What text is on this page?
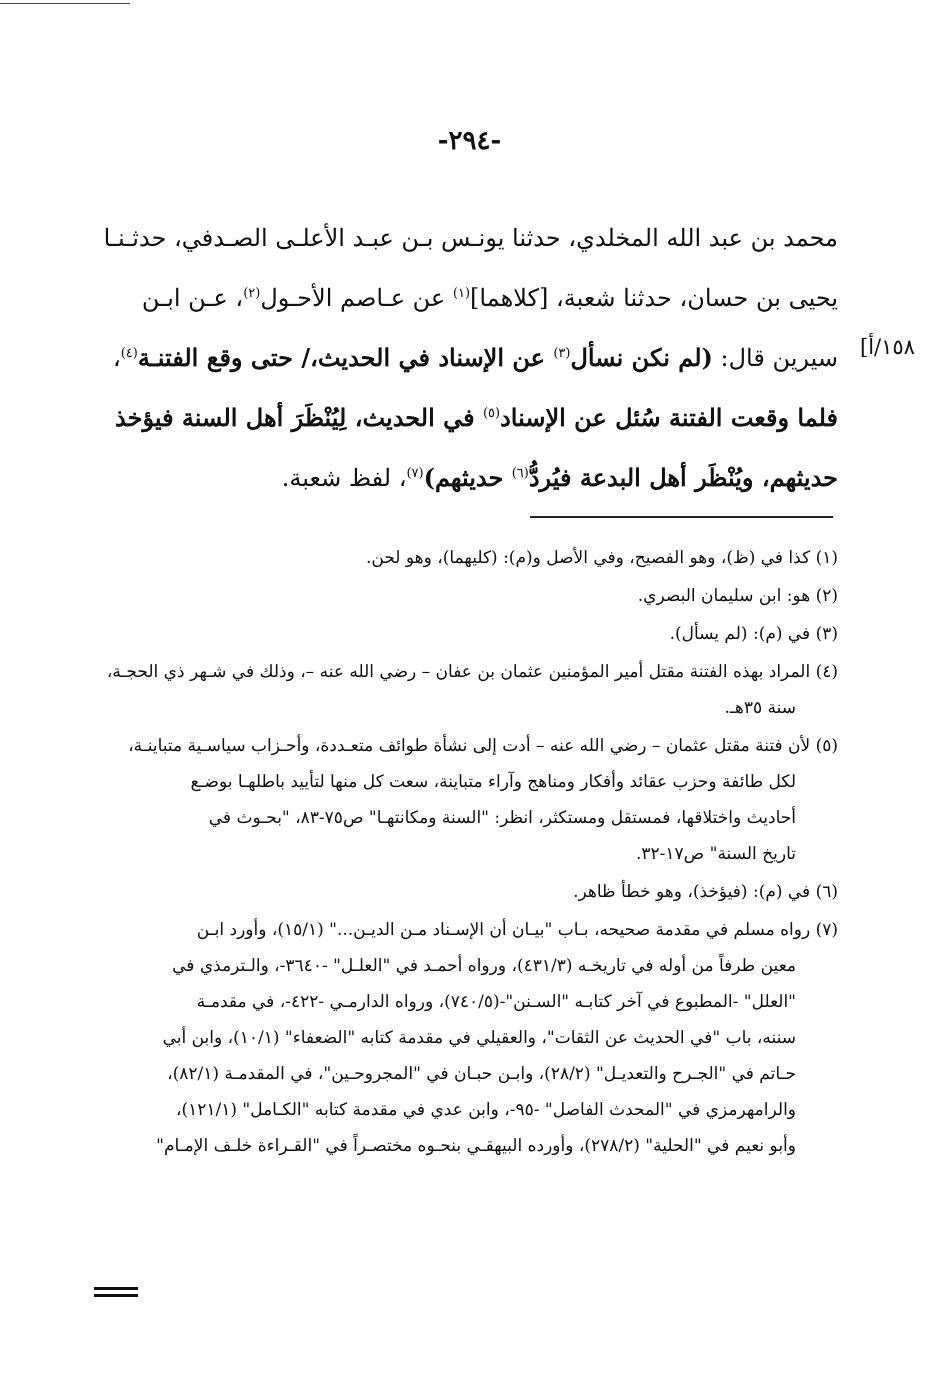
-٢٩٤-
١٥٨/أ]
محمد بن عبد الله المخلدي، حدثنا يونـس بـن عبـد الأعلـى الصـدفي، حدثـنـا
يحيى بن حسان، حدثنا شعبة، [كلاهما]$^{(١)}$ عن عـاصم الأحـول$^{(٢)}$، عـن ابـن
سيرين قال: (لم نكن نسأل$^{(٣)}$ عن الإسناد في الحديث،/ حتى وقع الفتنـة$^{(٤)}$،
فلما وقعت الفتنة سُئل عن الإسناد$^{(٥)}$ في الحديث، لِيُنْظَرَ أهل السنة فيؤخذ
حديثهم، ويُنْظَر أهل البدعة فيُردُّ$^{(٦)}$ حديثهم)$^{(٧)}$، لفظ شعبة.
(١) كذا في (ظ)، وهو الفصيح، وفي الأصل و(م): (كليهما)، وهو لحن.
(٢) هو: ابن سليمان البصري.
(٣) في (م): (لم يسأل).
(٤) المراد بهذه الفتنة مقتل أمير المؤمنين عثمان بن عفان – رضي الله عنه –، وذلك في شـهر ذي الحجـة،
سنة ٣٥هـ.
(٥) لأن فتنة مقتل عثمان – رضي الله عنه – أدت إلى نشأة طوائف متعـددة، وأحـزاب سياسـية متباينـة،
لكل طائفة وحزب عقائد وأفكار ومناهج وآراء متباينة، سعت كل منها لتأييد باطلهـا بوضـع
أحاديث واختلاقها، فمستقل ومستكثر، انظر: "السنة ومكانتهـا" ص٧٥-٨٣، "بحـوث في
تاريخ السنة" ص١٧-٣٢.
(٦) في (م): (فيؤخذ)، وهو خطأ ظاهر.
(٧) رواه مسلم في مقدمة صحيحه، بـاب "بيـان أن الإسـناد مـن الديـن..." (١٥/١)، وأورد ابـن
معين طرفاً من أوله في تاريخـه (٤٣١/٣)، ورواه أحمـد في "العلـل" -٣٦٤٠-، والـترمذي في
"العلل" -المطبوع في آخر كتابـه "السـنن"-(٧٤٠/٥)، ورواه الدارمـي -٤٢٢-، في مقدمـة
سننه، باب "في الحديث عن الثقات"، والعقيلي في مقدمة كتابه "الضعفاء" (١٠/١)، وابن أبي
حـاتم في "الجـرح والتعديـل" (٢٨/٢)، وابـن حبـان في "المجروحـين"، في المقدمـة (٨٢/١)،
والرامهرمزي في "المحدث الفاصل" -٩٥-، وابن عدي في مقدمة كتابه "الكـامل" (١٢١/١)،
وأبو نعيم في "الحلية" (٢٧٨/٢)، وأورده البيهقـي بنحـوه مختصـراً في "القـراءة خلـف الإمـام"
